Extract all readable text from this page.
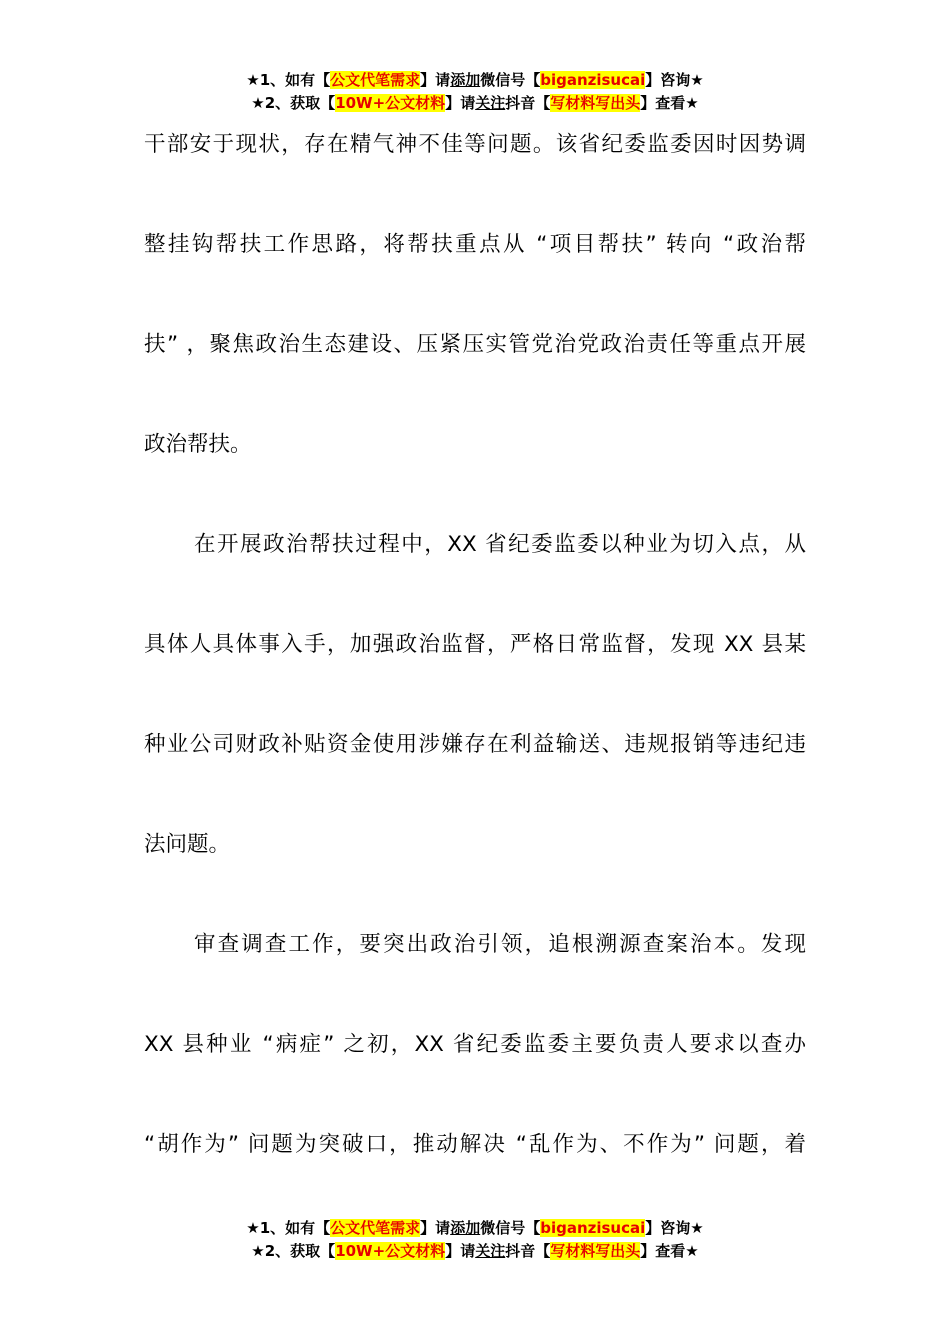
★1、如有【公文代笔需求】请添加微信号【biganzisucai】咨询★
★2、获取【10W+公文材料】请关注抖音【写材料写出头】查看★
干部安于现状，存在精气神不佳等问题。该省纪委监委因时因势调
整挂钩帮扶工作思路，将帮扶重点从 “项目帮扶” 转向 “政治帮
扶” ，聚焦政治生态建设、压紧压实管党治党政治责任等重点开展
政治帮扶。
在开展政治帮扶过程中，XX 省纪委监委以种业为切入点，从
具体人具体事入手，加强政治监督，严格日常监督，发现 XX 县某
种业公司财政补贴资金使用涉嫌存在利益输送、违规报销等违纪违
法问题。
审查调查工作，要突出政治引领，追根溯源查案治本。发现
XX 县种业 “病症” 之初，XX 省纪委监委主要负责人要求以查办
“胡作为” 问题为突破口，推动解决 “乱作为、不作为” 问题，着
★1、如有【公文代笔需求】请添加微信号【biganzisucai】咨询★
★2、获取【10W+公文材料】请关注抖音【写材料写出头】查看★
